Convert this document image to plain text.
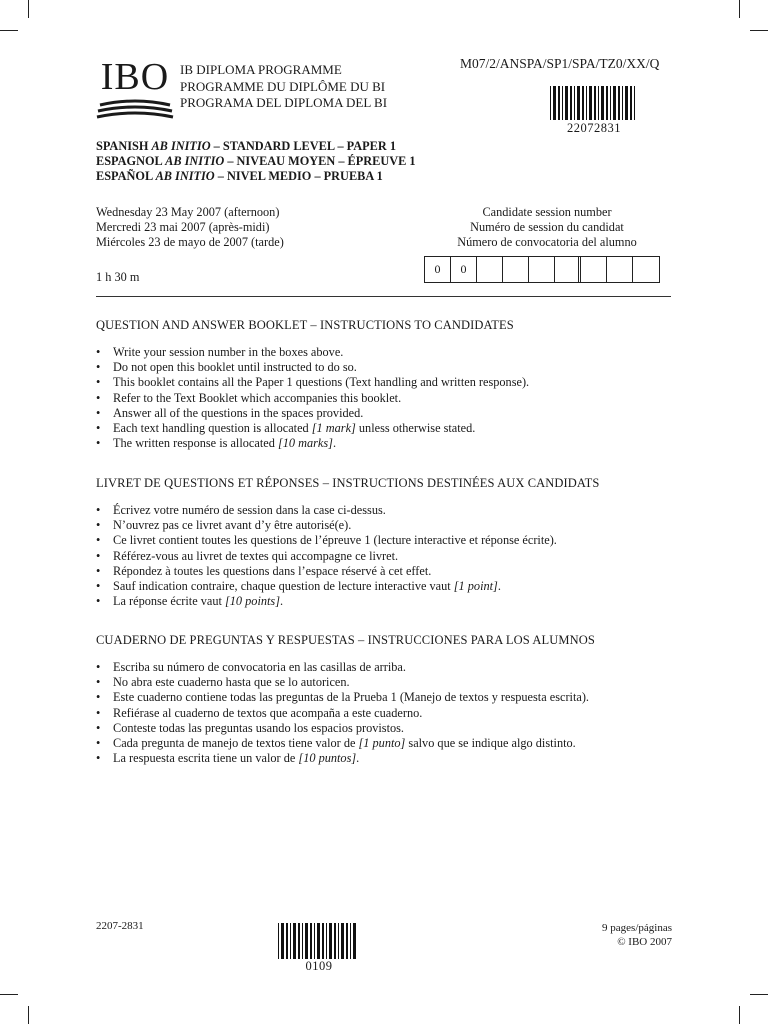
IBO IB DIPLOMA PROGRAMME
PROGRAMME DU DIPLÔME DU BI
PROGRAMA DEL DIPLOMA DEL BI
M07/2/ANSPA/SP1/SPA/TZ0/XX/Q
22072831
SPANISH AB INITIO – STANDARD LEVEL – PAPER 1
ESPAGNOL AB INITIO – NIVEAU MOYEN – ÉPREUVE 1
ESPAÑOL AB INITIO – NIVEL MEDIO – PRUEBA 1
Wednesday 23 May 2007 (afternoon)
Mercredi 23 mai 2007 (après-midi)
Miércoles 23 de mayo de 2007 (tarde)
1 h 30 m
Candidate session number
Numéro de session du candidat
Número de convocatoria del alumno
0	0
QUESTION AND ANSWER BOOKLET – INSTRUCTIONS TO CANDIDATES
• Write your session number in the boxes above.
• Do not open this booklet until instructed to do so.
• This booklet contains all the Paper 1 questions (Text handling and written response).
• Refer to the Text Booklet which accompanies this booklet.
• Answer all of the questions in the spaces provided.
• Each text handling question is allocated [1 mark] unless otherwise stated.
• The written response is allocated [10 marks].
LIVRET DE QUESTIONS ET RÉPONSES – INSTRUCTIONS DESTINÉES AUX CANDIDATS
• Écrivez votre numéro de session dans la case ci-dessus.
• N’ouvrez pas ce livret avant d’y être autorisé(e).
• Ce livret contient toutes les questions de l’épreuve 1 (lecture interactive et réponse écrite).
• Référez-vous au livret de textes qui accompagne ce livret.
• Répondez à toutes les questions dans l’espace réservé à cet effet.
• Sauf indication contraire, chaque question de lecture interactive vaut [1 point].
• La réponse écrite vaut [10 points].
CUADERNO DE PREGUNTAS Y RESPUESTAS – INSTRUCCIONES PARA LOS ALUMNOS
• Escriba su número de convocatoria en las casillas de arriba.
• No abra este cuaderno hasta que se lo autoricen.
• Este cuaderno contiene todas las preguntas de la Prueba 1 (Manejo de textos y respuesta escrita).
• Refiérase al cuaderno de textos que acompaña a este cuaderno.
• Conteste todas las preguntas usando los espacios provistos.
• Cada pregunta de manejo de textos tiene valor de [1 punto] salvo que se indique algo distinto.
• La respuesta escrita tiene un valor de [10 puntos].
2207-2831
0109
9 pages/páginas
© IBO 2007
